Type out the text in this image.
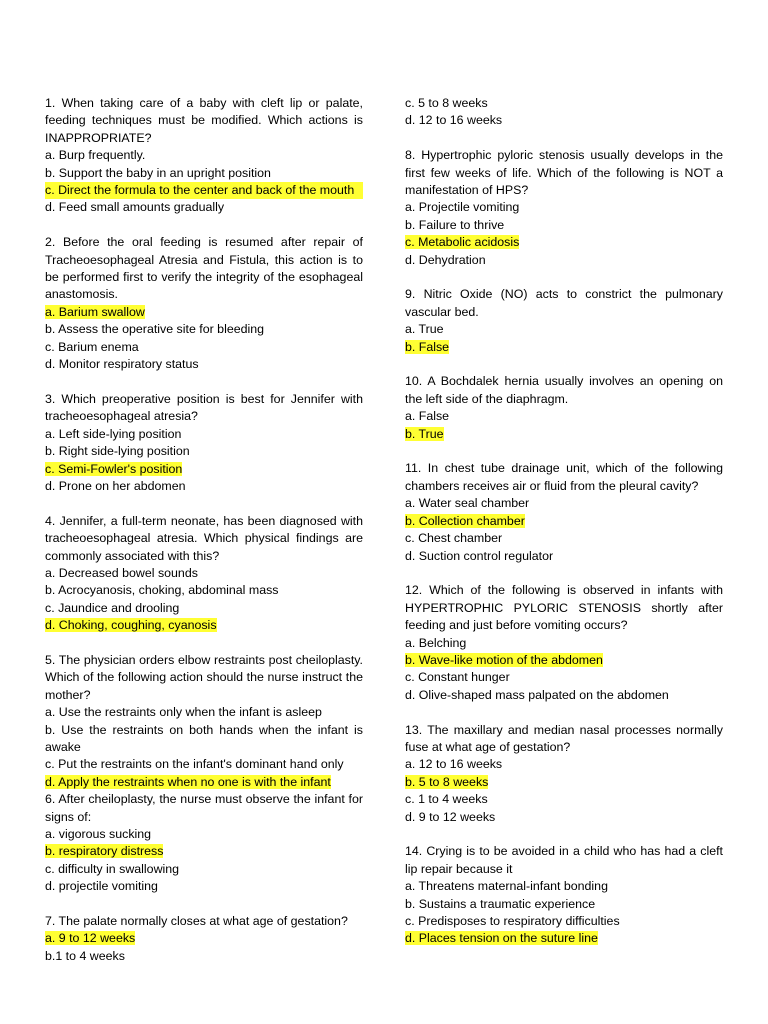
1. When taking care of a baby with cleft lip or palate, feeding techniques must be modified. Which actions is INAPPROPRIATE?
a. Burp frequently.
b. Support the baby in an upright position
c. Direct the formula to the center and back of the mouth
d. Feed small amounts gradually
2. Before the oral feeding is resumed after repair of Tracheoesophageal Atresia and Fistula, this action is to be performed first to verify the integrity of the esophageal anastomosis.
a. Barium swallow
b. Assess the operative site for bleeding
c. Barium enema
d. Monitor respiratory status
3. Which preoperative position is best for Jennifer with tracheoesophageal atresia?
a. Left side-lying position
b. Right side-lying position
c. Semi-Fowler's position
d. Prone on her abdomen
4. Jennifer, a full-term neonate, has been diagnosed with tracheoesophageal atresia. Which physical findings are commonly associated with this?
a. Decreased bowel sounds
b. Acrocyanosis, choking, abdominal mass
c. Jaundice and drooling
d. Choking, coughing, cyanosis
5. The physician orders elbow restraints post cheiloplasty. Which of the following action should the nurse instruct the mother?
a. Use the restraints only when the infant is asleep
b. Use the restraints on both hands when the infant is awake
c. Put the restraints on the infant's dominant hand only
d. Apply the restraints when no one is with the infant
6. After cheiloplasty, the nurse must observe the infant for signs of:
a. vigorous sucking
b. respiratory distress
c. difficulty in swallowing
d. projectile vomiting
7. The palate normally closes at what age of gestation?
a. 9 to 12 weeks
b.1 to 4 weeks
c. 5 to 8 weeks
d. 12 to 16 weeks
8. Hypertrophic pyloric stenosis usually develops in the first few weeks of life. Which of the following is NOT a manifestation of HPS?
a. Projectile vomiting
b. Failure to thrive
c. Metabolic acidosis
d. Dehydration
9. Nitric Oxide (NO) acts to constrict the pulmonary vascular bed.
a. True
b. False
10. A Bochdalek hernia usually involves an opening on the left side of the diaphragm.
a. False
b. True
11. In chest tube drainage unit, which of the following chambers receives air or fluid from the pleural cavity?
a. Water seal chamber
b. Collection chamber
c. Chest chamber
d. Suction control regulator
12. Which of the following is observed in infants with HYPERTROPHIC PYLORIC STENOSIS shortly after feeding and just before vomiting occurs?
a. Belching
b. Wave-like motion of the abdomen
c. Constant hunger
d. Olive-shaped mass palpated on the abdomen
13. The maxillary and median nasal processes normally fuse at what age of gestation?
a. 12 to 16 weeks
b. 5 to 8 weeks
c. 1 to 4 weeks
d. 9 to 12 weeks
14. Crying is to be avoided in a child who has had a cleft lip repair because it
a. Threatens maternal-infant bonding
b. Sustains a traumatic experience
c. Predisposes to respiratory difficulties
d. Places tension on the suture line
